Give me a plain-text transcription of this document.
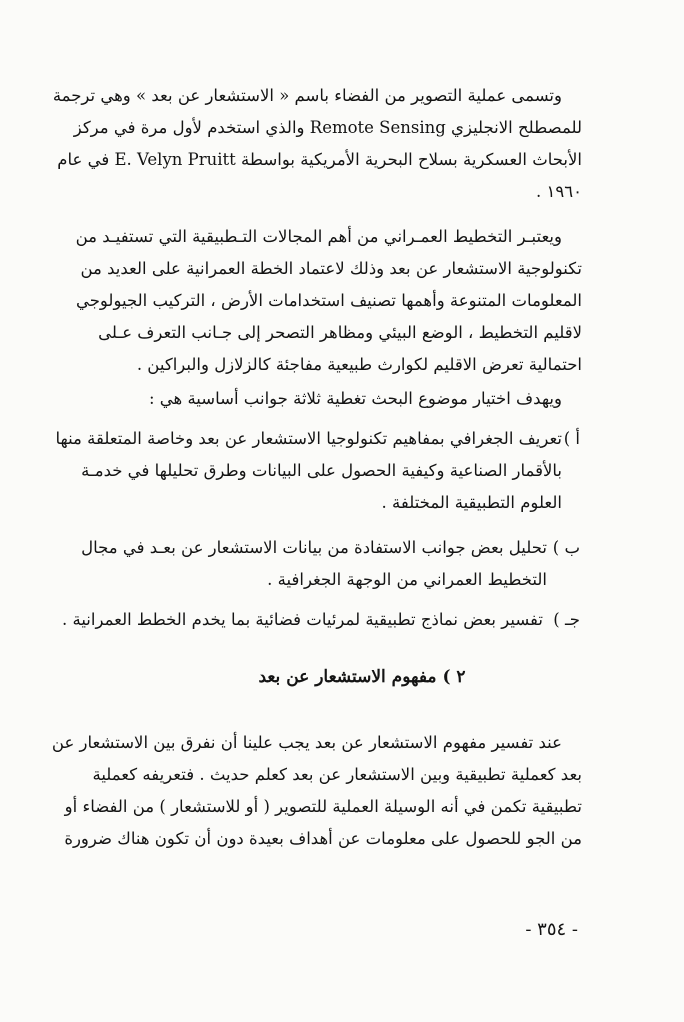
وتسمى عملية التصوير من الفضاء باسم « الاستشعار عن بعد » وهي ترجمة
للمصطلح الانجليزي Remote Sensing والذي استخدم لأول مرة في مركز
الأبحاث العسكرية بسلاح البحرية الأمريكية بواسطة E. Velyn Pruitt في عام
١٩٦٠ .
ويعتبـر التخطيط العمـراني من أهم المجالات التـطبيقية التي تستفيـد من
تكنولوجية الاستشعار عن بعد وذلك لاعتماد الخطة العمرانية على العديد من
المعلومات المتنوعة وأهمها تصنيف استخدامات الأرض ، التركيب الجيولوجي
لاقليم التخطيط ، الوضع البيئي ومظاهر التصحر إلى جـانب التعرف عـلى
احتمالية تعرض الاقليم لكوارث طبيعية مفاجئة كالزلازل والبراكين .
ويهدف اختيار موضوع البحث تغطية ثلاثة جوانب أساسية هي :
أ )
تعريف الجغرافي بمفاهيم تكنولوجيا الاستشعار عن بعد وخاصة المتعلقة منها
بالأقمار الصناعية وكيفية الحصول على البيانات وطرق تحليلها في خدمـة
العلوم التطبيقية المختلفة .
ب )
تحليل بعض جوانب الاستفادة من بيانات الاستشعار عن بعـد في مجال
التخطيط العمراني من الوجهة الجغرافية .
جـ )
تفسير بعض نماذج تطبيقية لمرئيات فضائية بما يخدم الخطط العمرانية .
٢ ) مفهوم الاستشعار عن بعد
عند تفسير مفهوم الاستشعار عن بعد يجب علينا أن نفرق بين الاستشعار عن
بعد كعملية تطبيقية وبين الاستشعار عن بعد كعلم حديث . فتعريفه كعملية
تطبيقية تكمن في أنه الوسيلة العملية للتصوير ( أو للاستشعار ) من الفضاء أو
من الجو للحصول على معلومات عن أهداف بعيدة دون أن تكون هناك ضرورة
- ٣٥٤ -
